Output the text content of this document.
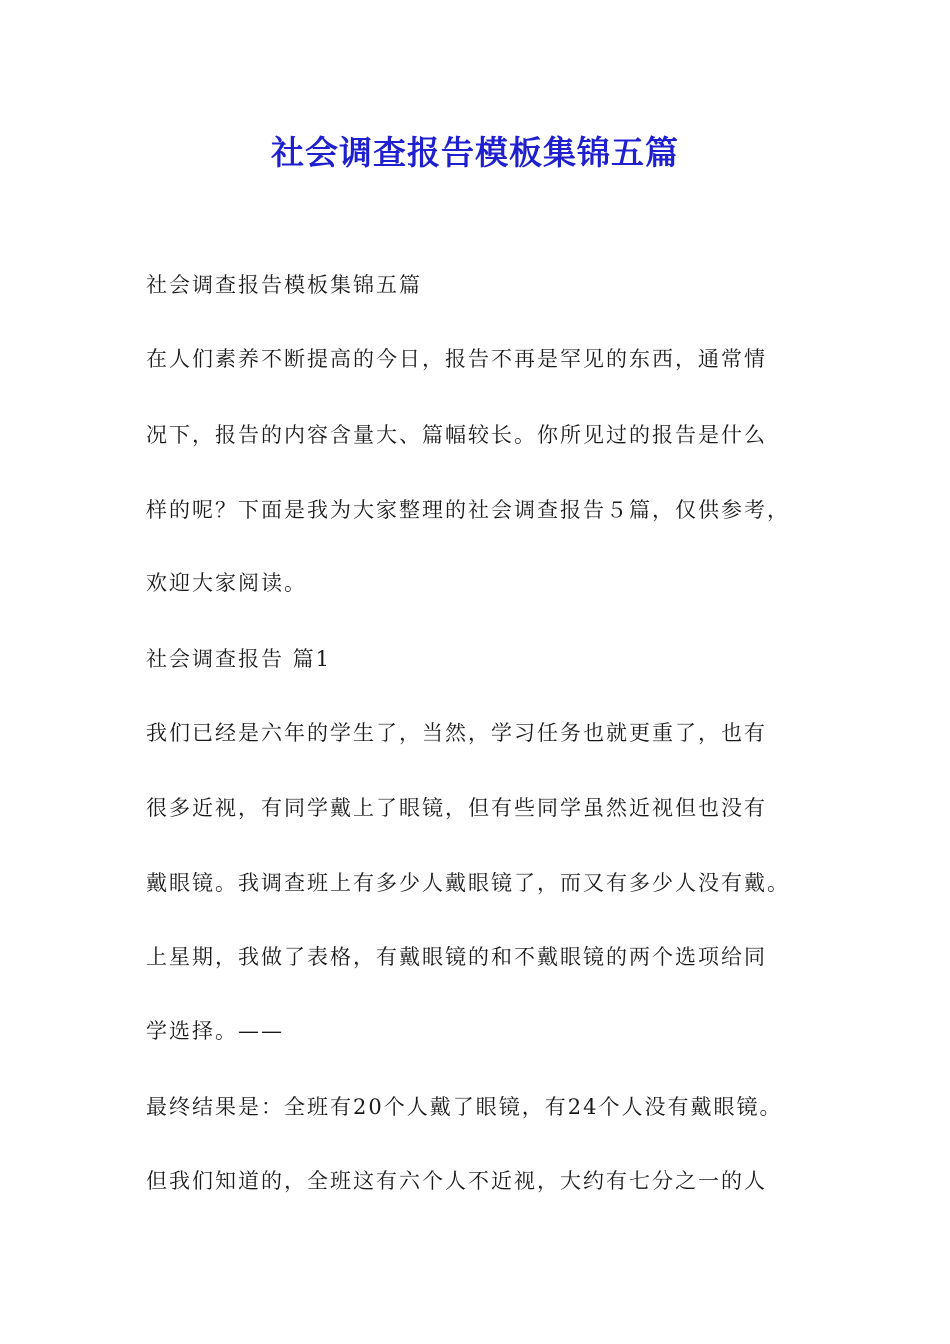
社会调查报告模板集锦五篇

社会调查报告模板集锦五篇

在人们素养不断提高的今日，报告不再是罕见的东西，通常情

况下，报告的内容含量大、篇幅较长。你所见过的报告是什么

样的呢？下面是我为大家整理的社会调查报告５篇，仅供参考，

欢迎大家阅读。

社会调查报告 篇1

我们已经是六年的学生了，当然，学习任务也就更重了，也有

很多近视，有同学戴上了眼镜，但有些同学虽然近视但也没有

戴眼镜。我调查班上有多少人戴眼镜了，而又有多少人没有戴。

上星期，我做了表格，有戴眼镜的和不戴眼镜的两个选项给同

学选择。——

最终结果是：全班有20个人戴了眼镜，有24个人没有戴眼镜。

但我们知道的，全班这有六个人不近视，大约有七分之一的人
